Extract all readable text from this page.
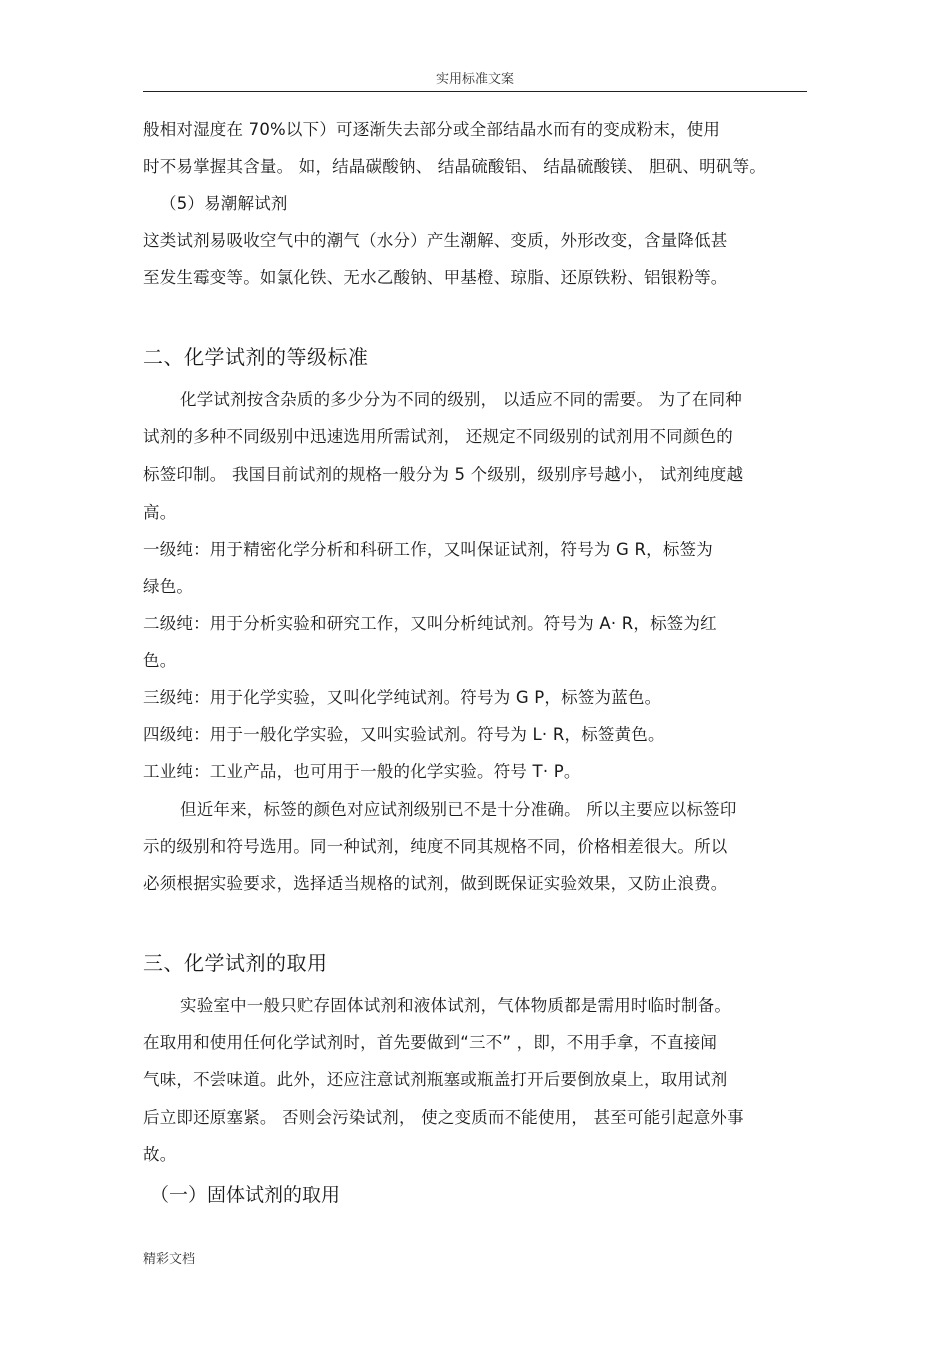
实用标准文案
般相对湿度在 70%以下）可逐渐失去部分或全部结晶水而有的变成粉末，使用
时不易掌握其含量。 如，结晶碳酸钠、 结晶硫酸铝、 结晶硫酸镁、 胆矾、明矾等。
（5）易潮解试剂
这类试剂易吸收空气中的潮气（水分）产生潮解、变质，外形改变，含量降低甚
至发生霉变等。如氯化铁、无水乙酸钠、甲基橙、琼脂、还原铁粉、铝银粉等。
二、化学试剂的等级标准
化学试剂按含杂质的多少分为不同的级别， 以适应不同的需要。 为了在同种
试剂的多种不同级别中迅速选用所需试剂， 还规定不同级别的试剂用不同颜色的
标签印制。 我国目前试剂的规格一般分为 5 个级别，级别序号越小， 试剂纯度越
高。
一级纯：用于精密化学分析和科研工作，又叫保证试剂，符号为 G R，标签为
绿色。
二级纯：用于分析实验和研究工作，又叫分析纯试剂。符号为 A· R，标签为红
色。
三级纯：用于化学实验，又叫化学纯试剂。符号为 G P，标签为蓝色。
四级纯：用于一般化学实验，又叫实验试剂。符号为 L· R，标签黄色。
工业纯：工业产品，也可用于一般的化学实验。符号 T· P。
但近年来，标签的颜色对应试剂级别已不是十分准确。 所以主要应以标签印
示的级别和符号选用。同一种试剂，纯度不同其规格不同，价格相差很大。所以
必须根据实验要求，选择适当规格的试剂，做到既保证实验效果，又防止浪费。
三、化学试剂的取用
实验室中一般只贮存固体试剂和液体试剂，气体物质都是需用时临时制备。
在取用和使用任何化学试剂时，首先要做到“三不” ，即，不用手拿，不直接闻
气味，不尝味道。此外，还应注意试剂瓶塞或瓶盖打开后要倒放桌上，取用试剂
后立即还原塞紧。 否则会污染试剂， 使之变质而不能使用， 甚至可能引起意外事
故。
（一）固体试剂的取用
精彩文档
